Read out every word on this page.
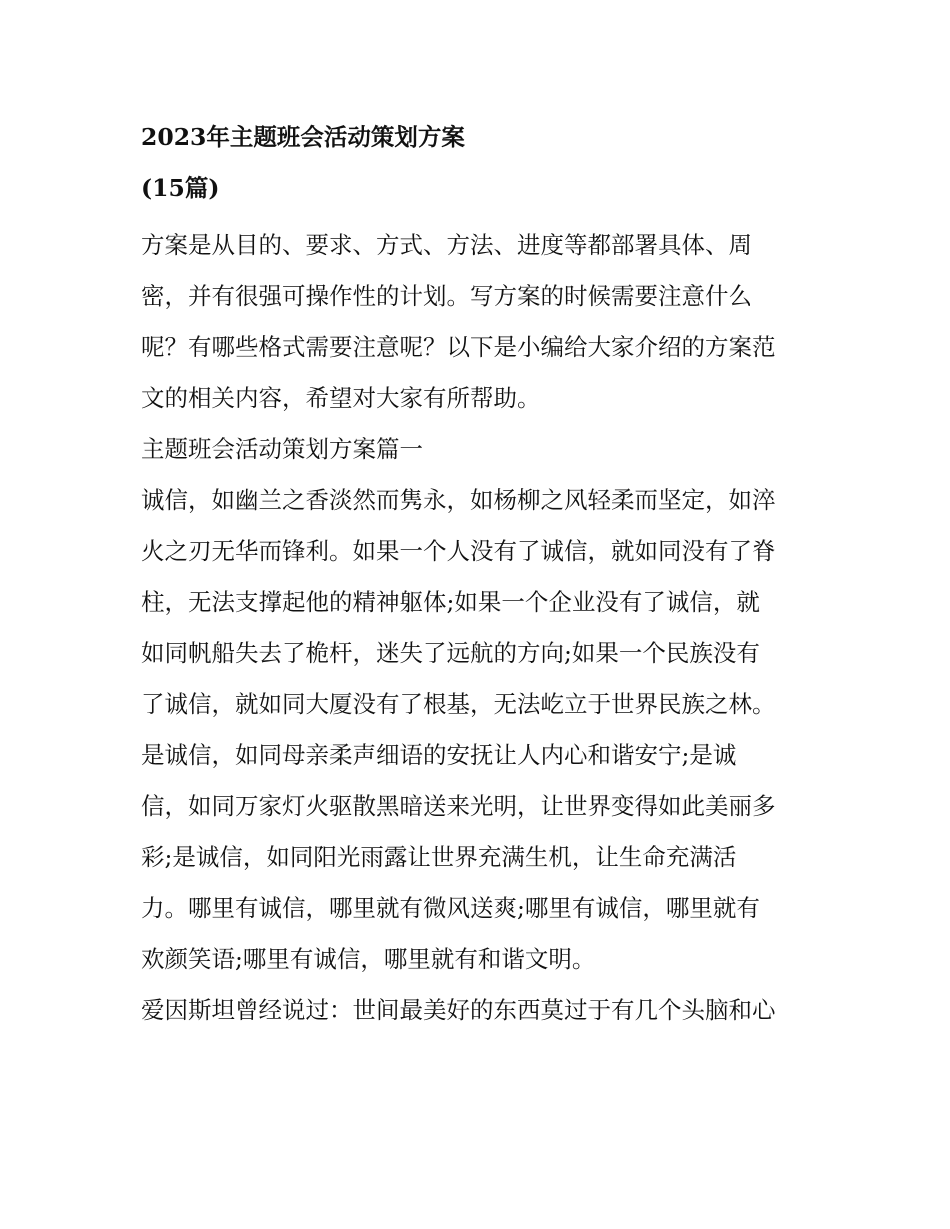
2023年主题班会活动策划方案
(15篇)
方案是从目的、要求、方式、方法、进度等都部署具体、周
密，并有很强可操作性的计划。写方案的时候需要注意什么
呢？有哪些格式需要注意呢？以下是小编给大家介绍的方案范
文的相关内容，希望对大家有所帮助。
主题班会活动策划方案篇一
诚信，如幽兰之香淡然而隽永，如杨柳之风轻柔而坚定，如淬
火之刃无华而锋利。如果一个人没有了诚信，就如同没有了脊
柱，无法支撑起他的精神躯体;如果一个企业没有了诚信，就
如同帆船失去了桅杆，迷失了远航的方向;如果一个民族没有
了诚信，就如同大厦没有了根基，无法屹立于世界民族之林。
是诚信，如同母亲柔声细语的安抚让人内心和谐安宁;是诚
信，如同万家灯火驱散黑暗送来光明，让世界变得如此美丽多
彩;是诚信，如同阳光雨露让世界充满生机，让生命充满活
力。哪里有诚信，哪里就有微风送爽;哪里有诚信，哪里就有
欢颜笑语;哪里有诚信，哪里就有和谐文明。
爱因斯坦曾经说过：世间最美好的东西莫过于有几个头脑和心
